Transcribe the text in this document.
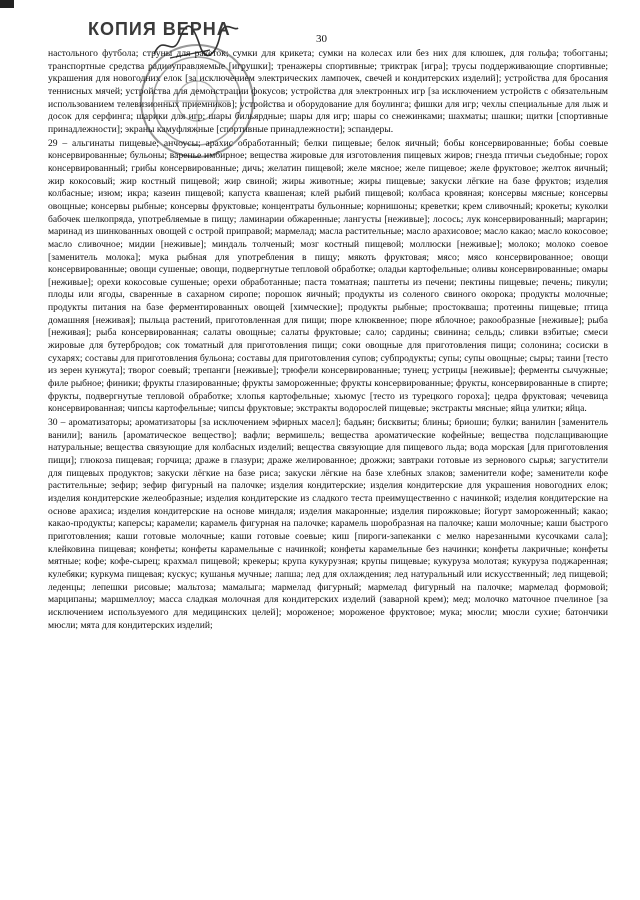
КОПИЯ ВЕРНА	30

настольного футбола; струны для ракеток; сумки для крикета; сумки на колесах или без них для клюшек, для гольфа; тобогганы; транспортные средства радиоуправляемые [игрушки]; тренажеры спортивные; триктрак [игра]; трусы поддерживающие спортивные; украшения для новогодних елок [за исключением электрических лампочек, свечей и кондитерских изделий]; устройства для бросания теннисных мячей; устройства для демонстрации фокусов; устройства для электронных игр [за исключением устройств с обязательным использованием телевизионных приемников]; устройства и оборудование для боулинга; фишки для игр; чехлы специальные для лыж и досок для серфинга; шарики для игр; шары бильярдные; шары для игр; шары со снежинками; шахматы; шашки; щитки [спортивные принадлежности]; экраны камуфляжные [спортивные принадлежности]; эспандеры.

29 – альгинаты пищевые; анчоусы; арахис обработанный; белки пищевые; белок яичный; бобы консервированные; бобы соевые консервированные; бульоны; варенье имбирное; вещества жировые для изготовления пищевых жиров; гнезда птичьи съедобные; горох консервированный; грибы консервированные; дичь; желатин пищевой; желе мясное; желе пищевое; желе фруктовое; желток яичный; жир кокосовый; жир костный пищевой; жир свиной; жиры животные; жиры пищевые; закуски лёгкие на базе фруктов; изделия колбасные; изюм; икра; казеин пищевой; капуста квашеная; клей рыбий пищевой; колбаса кровяная; консервы мясные; консервы овощные; консервы рыбные; консервы фруктовые; концентраты бульонные; корнишоны; креветки; крем сливочный; крокеты; куколки бабочек шелкопряда, употребляемые в пищу; ламинарии обжаренные; лангусты [неживые]; лосось; лук консервированный; маргарин; маринад из шинкованных овощей с острой приправой; мармелад; масла растительные; масло арахисовое; масло какао; масло кокосовое; масло сливочное; мидии [неживые]; миндаль толченый; мозг костный пищевой; моллюски [неживые]; молоко; молоко соевое [заменитель молока]; мука рыбная для употребления в пищу; мякоть фруктовая; мясо; мясо консервированное; овощи консервированные; овощи сушеные; овощи, подвергнутые тепловой обработке; оладьи картофельные; оливы консервированные; омары [неживые]; орехи кокосовые сушеные; орехи обработанные; паста томатная; паштеты из печени; пектины пищевые; печень; пикули; плоды или ягоды, сваренные в сахарном сиропе; порошок яичный; продукты из соленого свиного окорока; продукты молочные; продукты питания на базе ферментированных овощей [химческие]; продукты рыбные; простокваша; протеины пищевые; птица домашняя [неживая]; пыльца растений, приготовленная для пищи; пюре клюквенное; пюре яблочное; ракообразные [неживые]; рыба [неживая]; рыба консервированная; салаты овощные; салаты фруктовые; сало; сардины; свинина; сельдь; сливки взбитые; смеси жировые для бутербродов; сок томатный для приготовления пищи; соки овощные для приготовления пищи; солонина; сосиски в сухарях; составы для приготовления бульона; составы для приготовления супов; субпродукты; супы; супы овощные; сыры; таини [тесто из зерен кунжута]; творог соевый; трепанги [неживые]; трюфели консервированные; тунец; устрицы [неживые]; ферменты сычужные; филе рыбное; финики; фрукты глазированные; фрукты замороженные; фрукты консервированные; фрукты, консервированные в спирте; фрукты, подвергнутые тепловой обработке; хлопья картофельные; хьюмус [тесто из турецкого гороха]; цедра фруктовая; чечевица консервированная; чипсы картофельные; чипсы фруктовые; экстракты водорослей пищевые; экстракты мясные; яйца улитки; яйца.

30 – ароматизаторы; ароматизаторы [за исключением эфирных масел]; бадьян; бисквиты; блины; бриоши; булки; ванилин [заменитель ванили]; ваниль [ароматическое вещество]; вафли; вермишель; вещества ароматические кофейные; вещества подслащивающие натуральные; вещества связующие для колбасных изделий; вещества связующие для пищевого льда; вода морская [для приготовления пищи]; глюкоза пищевая; горчица; драже в глазури; драже желированное; дрожжи; завтраки готовые из зернового сырья; загустители для пищевых продуктов; закуски лёгкие на базе риса; закуски лёгкие на базе хлебных злаков; заменители кофе; заменители кофе растительные; зефир; зефир фигурный на палочке; изделия кондитерские; изделия кондитерские для украшения новогодних елок; изделия кондитерские желеобразные; изделия кондитерские из сладкого теста преимущественно с начинкой; изделия кондитерские на основе арахиса; изделия кондитерские на основе миндаля; изделия макаронные; изделия пирожковые; йогурт замороженный; какао; какао-продукты; каперсы; карамели; карамель фигурная на палочке; карамель шоробразная на палочке; каши молочные; каши быстрого приготовления; каши готовые молочные; каши готовые соевые; киш [пироги-запеканки с мелко нарезанными кусочками сала]; клейковина пищевая; конфеты; конфеты карамельные с начинкой; конфеты карамельные без начинки; конфеты лакричные; конфеты мятные; кофе; кофе-сырец; крахмал пищевой; крекеры; крупа кукурузная; крупы пищевые; кукуруза молотая; кукуруза поджаренная; кулебяки; куркума пищевая; кускус; кушанья мучные; лапша; лед для охлаждения; лед натуральный или искусственный; лед пищевой; леденцы; лепешки рисовые; мальтоза; мамалыга; мармелад фигурный; мармелад фигурный на палочке; мармелад формовой; марципаны; маршмеллоу; масса сладкая молочная для кондитерских изделий (заварной крем); мед; молочко маточное пчелиное [за исключением используемого для медицинских целей]; мороженое; мороженое фруктовое; мука; мюсли; мюсли сухие; батончики мюсли; мята для кондитерских изделий;
